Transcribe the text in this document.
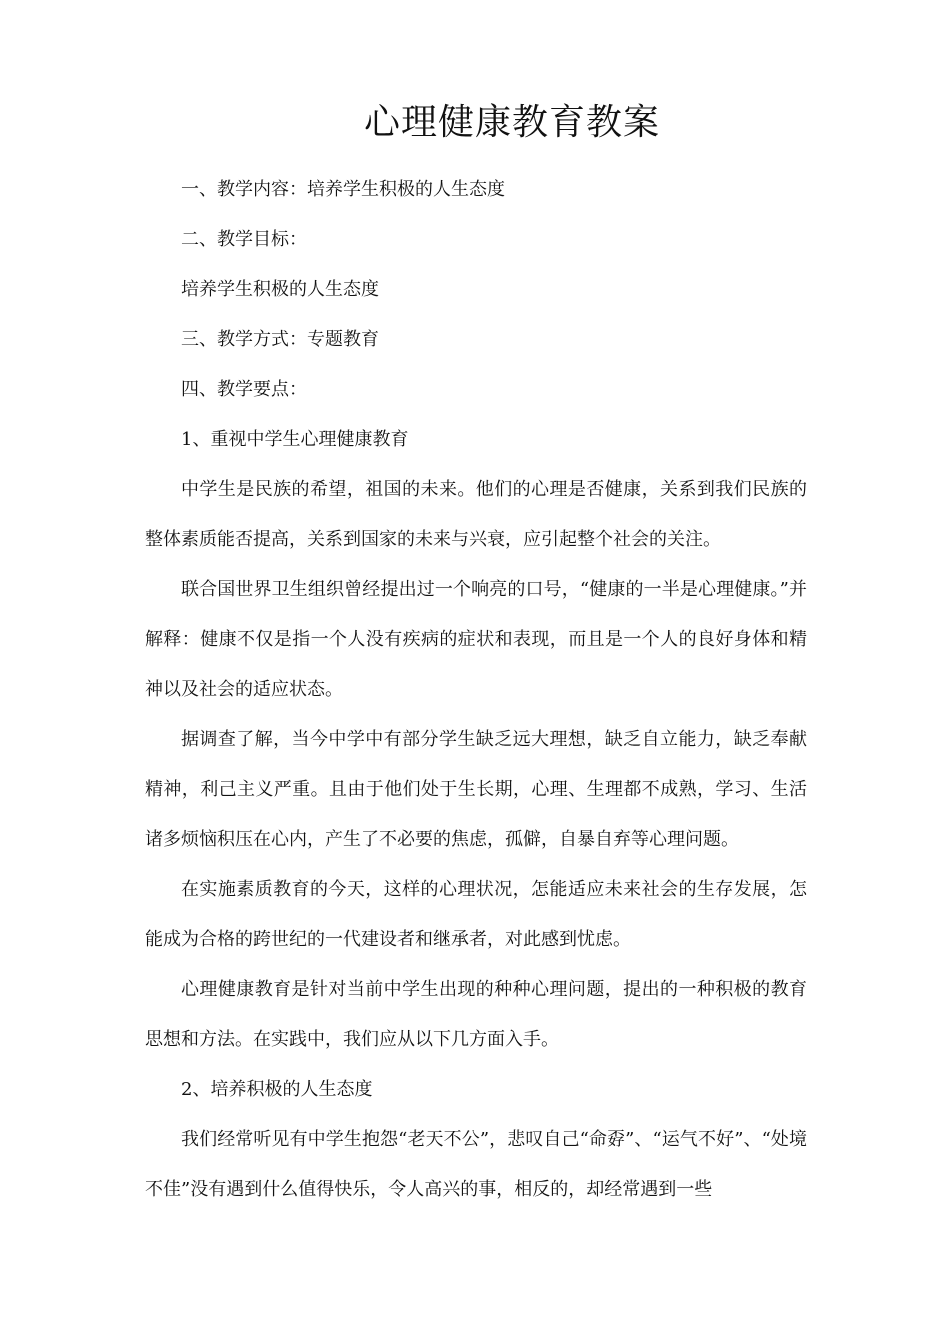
心理健康教育教案

一、教学内容：培养学生积极的人生态度

二、教学目标：

培养学生积极的人生态度

三、教学方式：专题教育

四、教学要点：

1、重视中学生心理健康教育

中学生是民族的希望，祖国的未来。他们的心理是否健康，关系到我们民族的整体素质能否提高，关系到国家的未来与兴衰，应引起整个社会的关注。

联合国世界卫生组织曾经提出过一个响亮的口号，“健康的一半是心理健康。”并解释：健康不仅是指一个人没有疾病的症状和表现，而且是一个人的良好身体和精神以及社会的适应状态。

据调查了解，当今中学中有部分学生缺乏远大理想，缺乏自立能力，缺乏奉献精神，利己主义严重。且由于他们处于生长期，心理、生理都不成熟，学习、生活诸多烦恼积压在心内，产生了不必要的焦虑，孤僻，自暴自弃等心理问题。

在实施素质教育的今天，这样的心理状况，怎能适应未来社会的生存发展，怎能成为合格的跨世纪的一代建设者和继承者，对此感到忧虑。

心理健康教育是针对当前中学生出现的种种心理问题，提出的一种积极的教育思想和方法。在实践中，我们应从以下几方面入手。

2、培养积极的人生态度

我们经常听见有中学生抱怨“老天不公”，悲叹自己“命孬”、“运气不好”、“处境不佳”没有遇到什么值得快乐，令人高兴的事，相反的，却经常遇到一些
